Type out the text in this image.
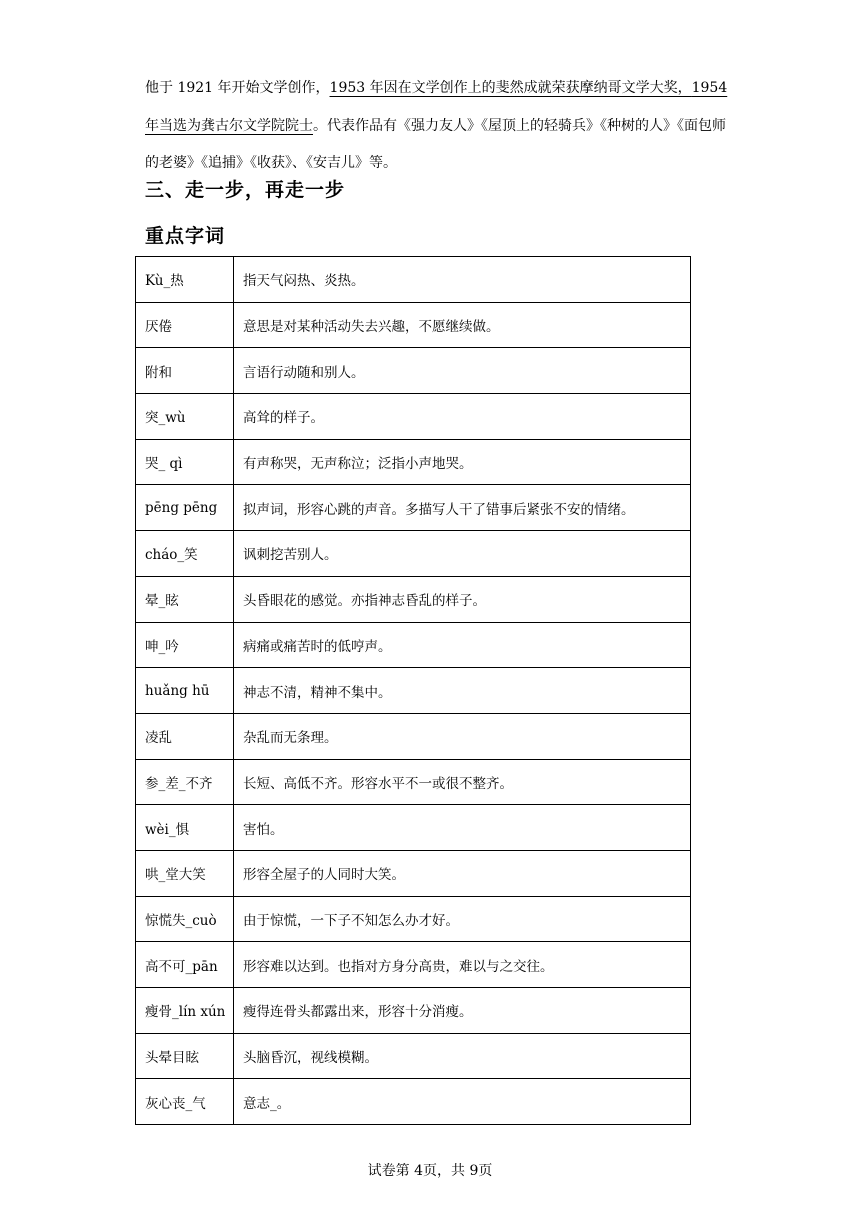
他于 1921 年开始文学创作，1953 年因在文学创作上的斐然成就荣获摩纳哥文学大奖，1954 年当选为龚古尔文学院院士。代表作品有《强力友人》《屋顶上的轻骑兵》《种树的人》《面包师的老婆》《追捕》《收获》、《安吉儿》等。
三、走一步，再走一步
重点字词
Kù_热	指天气闷热、炎热。
厌倦	意思是对某种活动失去兴趣，不愿继续做。
附和	言语行动随和别人。
突_wù	高耸的样子。
哭_ qì	有声称哭，无声称泣；泛指小声地哭。
pēng pēng	拟声词，形容心跳的声音。多描写人干了错事后紧张不安的情绪。
cháo_笑	讽刺挖苦别人。
晕_眩	头昏眼花的感觉。亦指神志昏乱的样子。
呻_吟	病痛或痛苦时的低哼声。
huǎng hū	神志不清，精神不集中。
凌乱	杂乱而无条理。
参_差_不齐	长短、高低不齐。形容水平不一或很不整齐。
wèi_惧	害怕。
哄_堂大笑	形容全屋子的人同时大笑。
惊慌失_cuò	由于惊慌，一下子不知怎么办才好。
高不可_pān	形容难以达到。也指对方身分高贵，难以与之交往。
瘦骨_lín xún	瘦得连骨头都露出来，形容十分消瘦。
头晕目眩	头脑昏沉，视线模糊。
灰心丧_气	意志_。
试卷第 4页，共 9页
